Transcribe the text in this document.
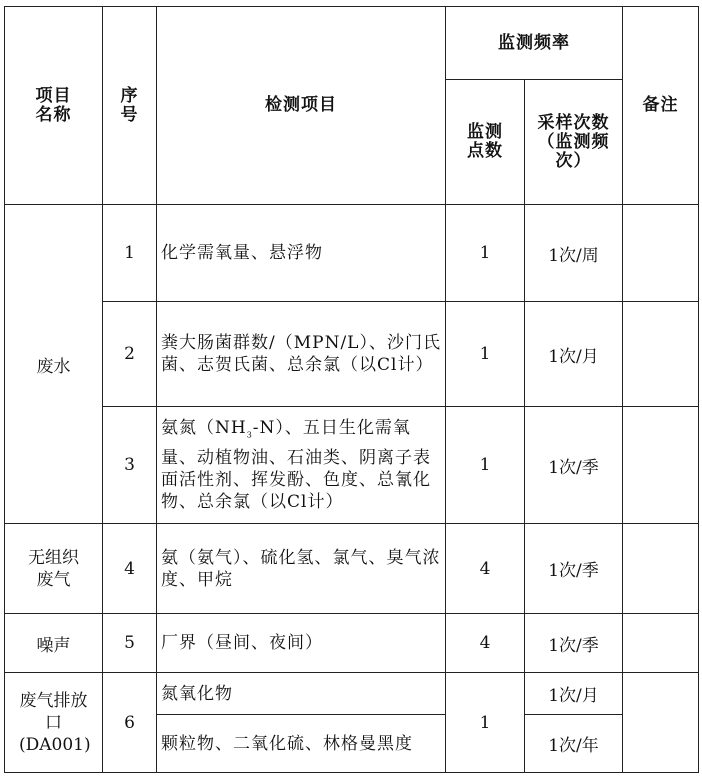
项目名称	序号	检测项目	监测频率		备注
			监测点数	采样次数（监测频次）	
废水	1	化学需氧量、悬浮物	1	1次/周	
	2	粪大肠菌群数/（MPN/L）、沙门氏菌、志贺氏菌、总余氯（以Cl计）	1	1次/月	
	3	氨氮$(NH_3-N)$、五日生化需氧量、动植物油、石油类、阴离子表面活性剂、挥发酚、色度、总氰化物、总余氯（以Cl计）	1	1次/季	
无组织废气	4	氨（氨气）、硫化氢、氯气、臭气浓度、甲烷	4	1次/季	
噪声	5	厂界（昼间、夜间）	4	1次/季	
废气排放口(DA001)	6	氮氧化物	1	1次/月	
		颗粒物、二氧化硫、林格曼黑度		1次/年	
